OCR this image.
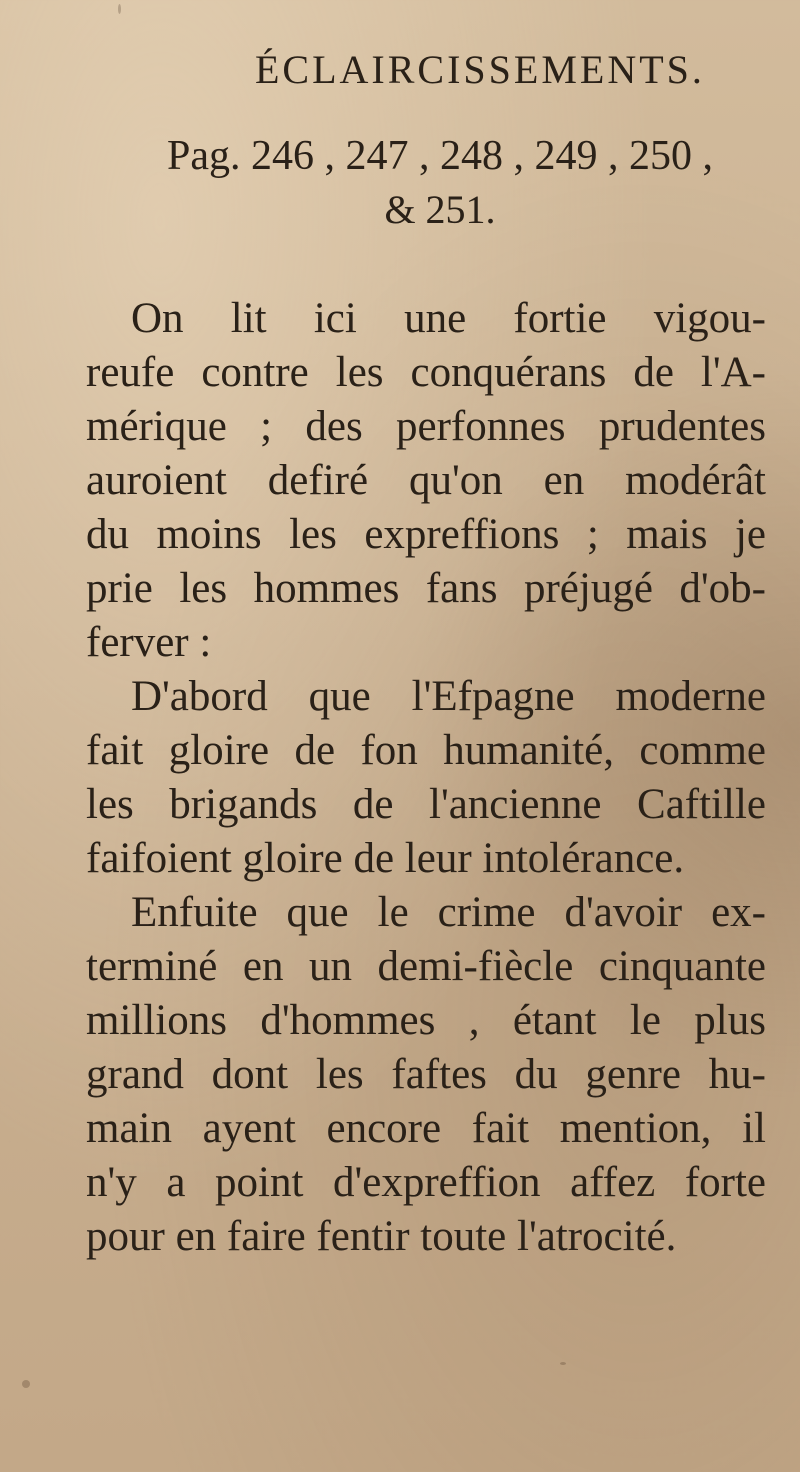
ÉCLAIRCISSEMENTS.
Pag. 246 , 247 , 248 , 249 , 250 ,
& 251.

On lit ici une fortie vigou-
reufe contre les conquérans de l'A-
mérique ; des perfonnes prudentes
auroient defiré qu'on en modérât
du moins les expreffions ; mais je
prie les hommes fans préjugé d'ob-
ferver :

D'abord que l'Efpagne moderne
fait gloire de fon humanité, comme
les brigands de l'ancienne Caftille
faifoient gloire de leur intolérance.

Enfuite que le crime d'avoir ex-
terminé en un demi-fiècle cinquante
millions d'hommes , étant le plus
grand dont les faftes du genre hu-
main ayent encore fait mention, il
n'y a point d'expreffion affez forte
pour en faire fentir toute l'atrocité.
